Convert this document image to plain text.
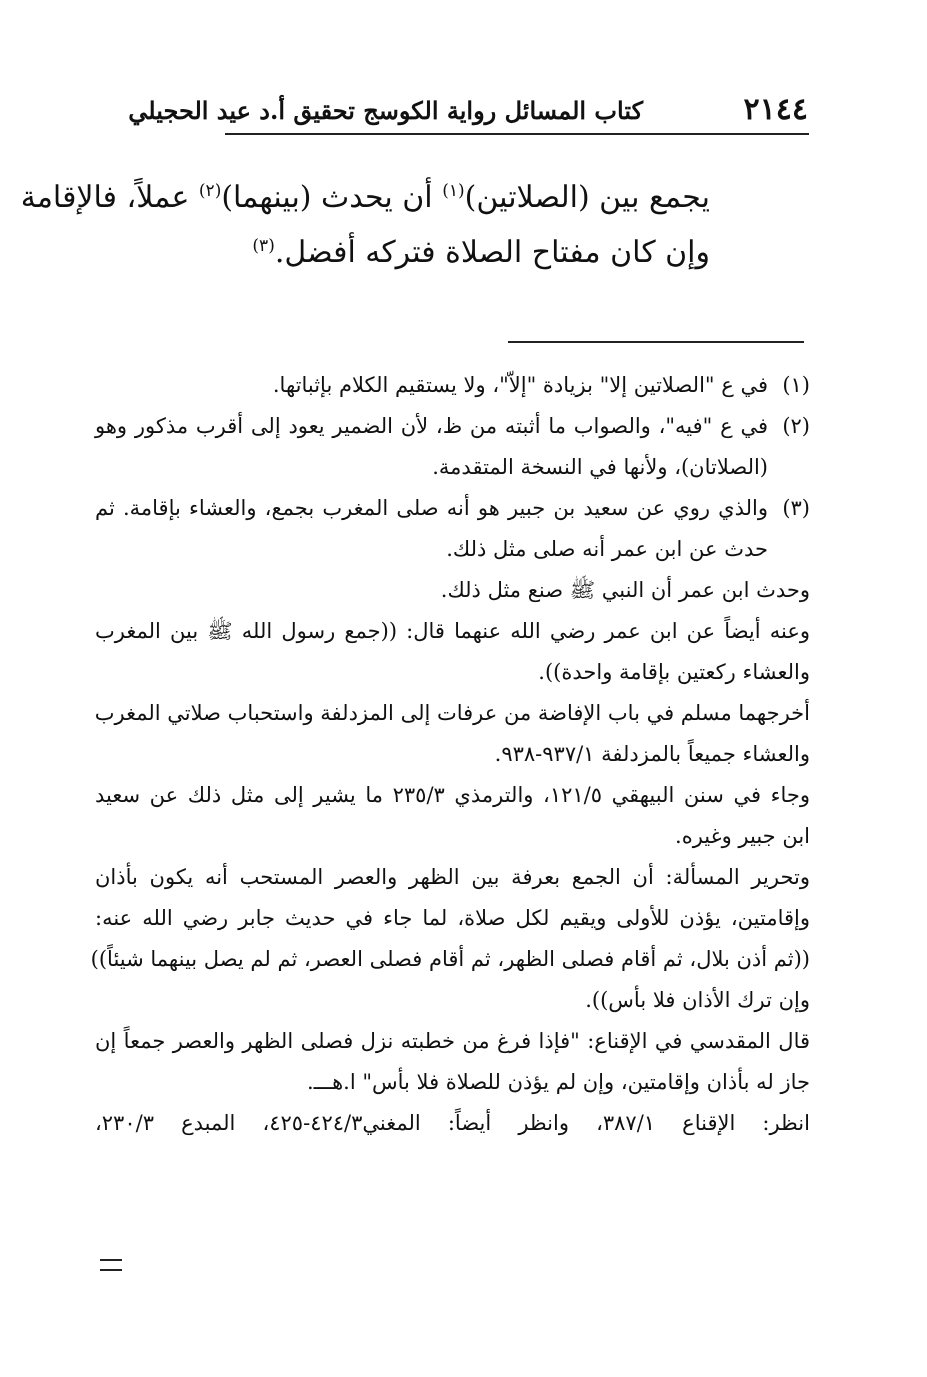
٢١٤٤
كتاب المسائل رواية الكوسج تحقيق أ.د عيد الحجيلي
يجمع بين (الصلاتين)$^{(١)}$ أن يحدث (بينهما)$^{(٢)}$ عملاً، فالإقامة
وإن كان مفتاح الصلاة فتركه أفضل.$^{(٣)}$
(١)
في ع "الصلاتين إلا" بزيادة "إلاّ"، ولا يستقيم الكلام بإثباتها.
(٢)
في ع "فيه"، والصواب ما أثبته من ظ، لأن الضمير يعود إلى أقرب مذكور وهو
(الصلاتان)، ولأنها في النسخة المتقدمة.
(٣)
والذي روي عن سعيد بن جبير هو أنه صلى المغرب بجمع، والعشاء بإقامة. ثم
حدث عن ابن عمر أنه صلى مثل ذلك.
وحدث ابن عمر أن النبي ﷺ صنع مثل ذلك.
وعنه أيضاً عن ابن عمر رضي الله عنهما قال: ((جمع رسول الله ﷺ بين المغرب
والعشاء ركعتين بإقامة واحدة)).
أخرجهما مسلم في باب الإفاضة من عرفات إلى المزدلفة واستحباب صلاتي المغرب
والعشاء جميعاً بالمزدلفة ٩٣٧/١-٩٣٨.
وجاء في سنن البيهقي ١٢١/٥، والترمذي ٢٣٥/٣ ما يشير إلى مثل ذلك عن سعيد
ابن جبير وغيره.
وتحرير المسألة: أن الجمع بعرفة بين الظهر والعصر المستحب أنه يكون بأذان
وإقامتين، يؤذن للأولى ويقيم لكل صلاة، لما جاء في حديث جابر رضي الله عنه:
((ثم أذن بلال، ثم أقام فصلى الظهر، ثم أقام فصلى العصر، ثم لم يصل بينهما شيئاً))
وإن ترك الأذان فلا بأس)).
قال المقدسي في الإقناع: "فإذا فرغ من خطبته نزل فصلى الظهر والعصر جمعاً إن
جاز له بأذان وإقامتين، وإن لم يؤذن للصلاة فلا بأس" ا.هـــ.
انظر: الإقناع ٣٨٧/١، وانظر أيضاً: المغني٤٢٤/٣-٤٢٥، المبدع ٢٣٠/٣،
